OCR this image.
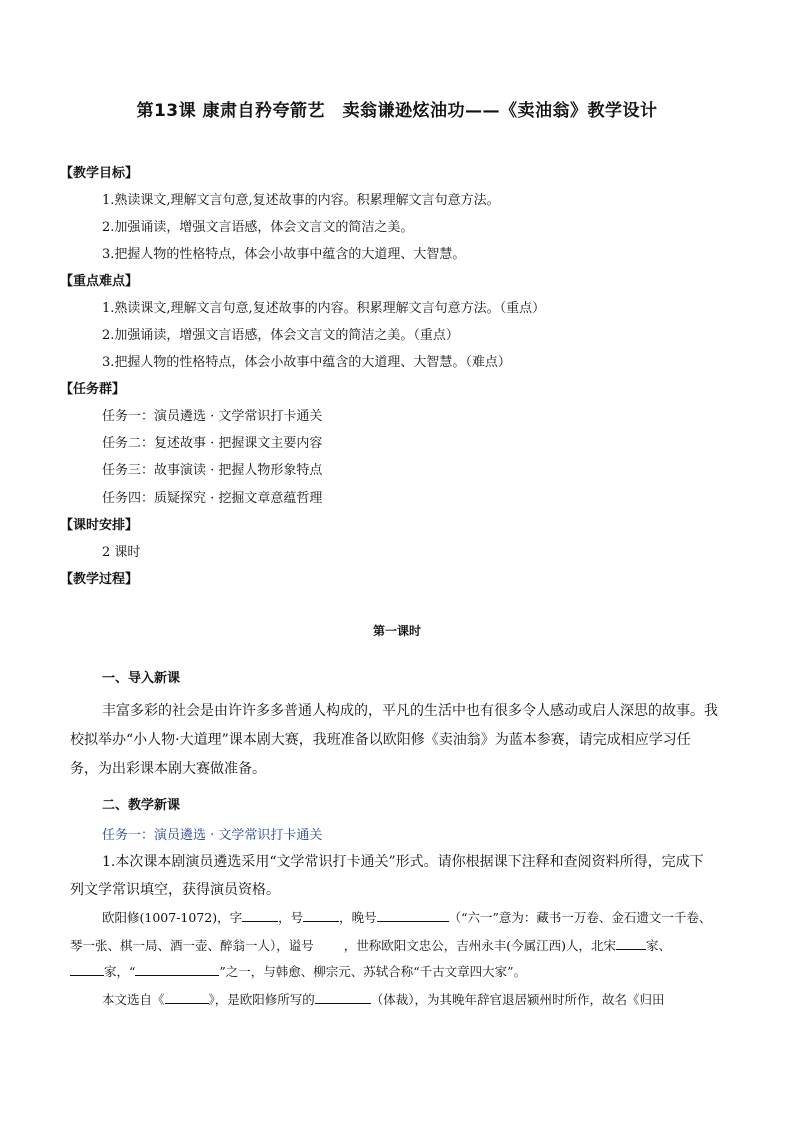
第13课 康肃自矜夸箭艺　卖翁谦逊炫油功——《卖油翁》教学设计
【教学目标】
1.熟读课文,理解文言句意,复述故事的内容。积累理解文言句意方法。
2.加强诵读，增强文言语感，体会文言文的简洁之美。
3.把握人物的性格特点，体会小故事中蕴含的大道理、大智慧。
【重点难点】
1.熟读课文,理解文言句意,复述故事的内容。积累理解文言句意方法。（重点）
2.加强诵读，增强文言语感，体会文言文的简洁之美。（重点）
3.把握人物的性格特点，体会小故事中蕴含的大道理、大智慧。（难点）
【任务群】
任务一：演员遴选 · 文学常识打卡通关
任务二：复述故事 · 把握课文主要内容
任务三：故事演读 · 把握人物形象特点
任务四：质疑探究 · 挖掘文章意蕴哲理
【课时安排】
2 课时
【教学过程】
第一课时
一、导入新课
丰富多彩的社会是由许许多多普通人构成的，平凡的生活中也有很多令人感动或启人深思的故事。我
校拟举办“小人物·大道理”课本剧大赛，我班准备以欧阳修《卖油翁》为蓝本参赛，请完成相应学习任
务，为出彩课本剧大赛做准备。
二、教学新课
任务一：演员遴选 · 文学常识打卡通关
1.本次课本剧演员遴选采用“文学常识打卡通关”形式。请你根据课下注释和查阅资料所得，完成下
列文学常识填空，获得演员资格。
欧阳修(1007-1072)，字	，号	，晚号	（“六一”意为：藏书一万卷、金石遗文一千卷、
琴一张、棋一局、酒一壶、醉翁一人），谥号 ，世称欧阳文忠公，吉州永丰(今属江西)人，北宋 家、
家，“	”之一，与韩愈、柳宗元、苏轼合称“千古文章四大家”。
本文选自《	》，是欧阳修所写的	（体裁），为其晚年辞官退居颍州时所作，故名《归田
